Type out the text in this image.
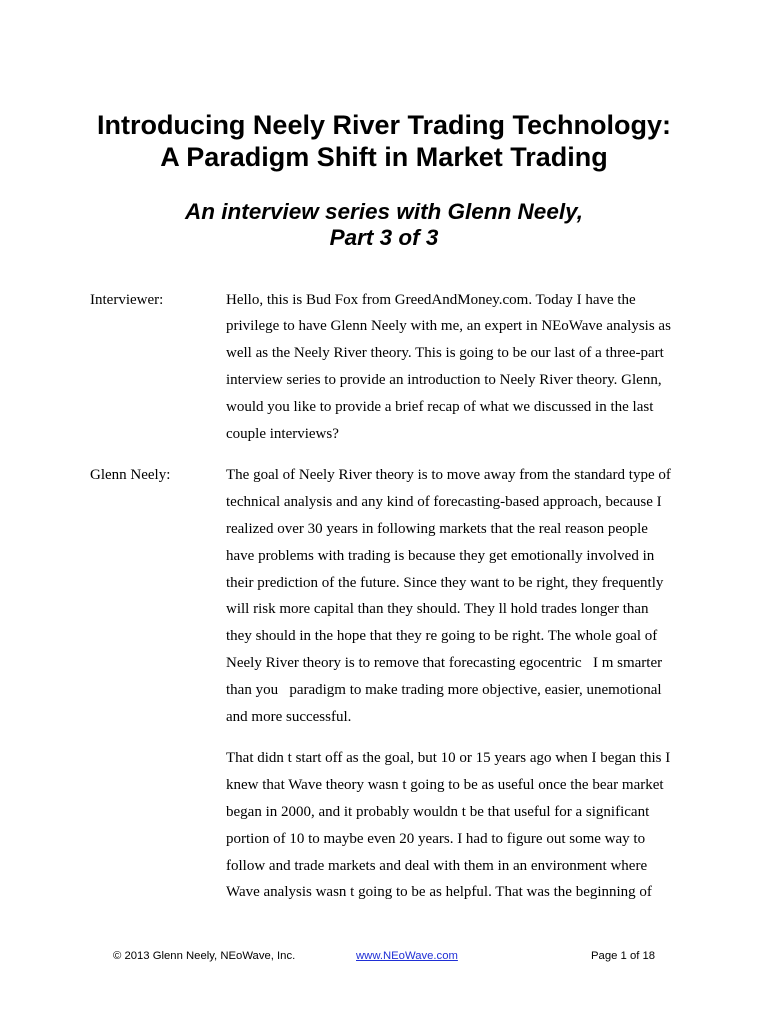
Introducing Neely River Trading Technology:
A Paradigm Shift in Market Trading
An interview series with Glenn Neely,
Part 3 of 3
Interviewer:	Hello, this is Bud Fox from GreedAndMoney.com. Today I have the
privilege to have Glenn Neely with me, an expert in NEoWave analysis as
well as the Neely River theory. This is going to be our last of a three-part
interview series to provide an introduction to Neely River theory. Glenn,
would you like to provide a brief recap of what we discussed in the last
couple interviews?
Glenn Neely:	The goal of Neely River theory is to move away from the standard type of
technical analysis and any kind of forecasting-based approach, because I
realized over 30 years in following markets that the real reason people
have problems with trading is because they get emotionally involved in
their prediction of the future. Since they want to be right, they frequently
will risk more capital than they should. They ll hold trades longer than
they should in the hope that they re going to be right. The whole goal of
Neely River theory is to remove that forecasting egocentric   I m smarter
than you   paradigm to make trading more objective, easier, unemotional
and more successful.
That didn t start off as the goal, but 10 or 15 years ago when I began this I
knew that Wave theory wasn t going to be as useful once the bear market
began in 2000, and it probably wouldn t be that useful for a significant
portion of 10 to maybe even 20 years. I had to figure out some way to
follow and trade markets and deal with them in an environment where
Wave analysis wasn t going to be as helpful. That was the beginning of
© 2013 Glenn Neely, NEoWave, Inc.	www.NEoWave.com	Page 1 of 18
